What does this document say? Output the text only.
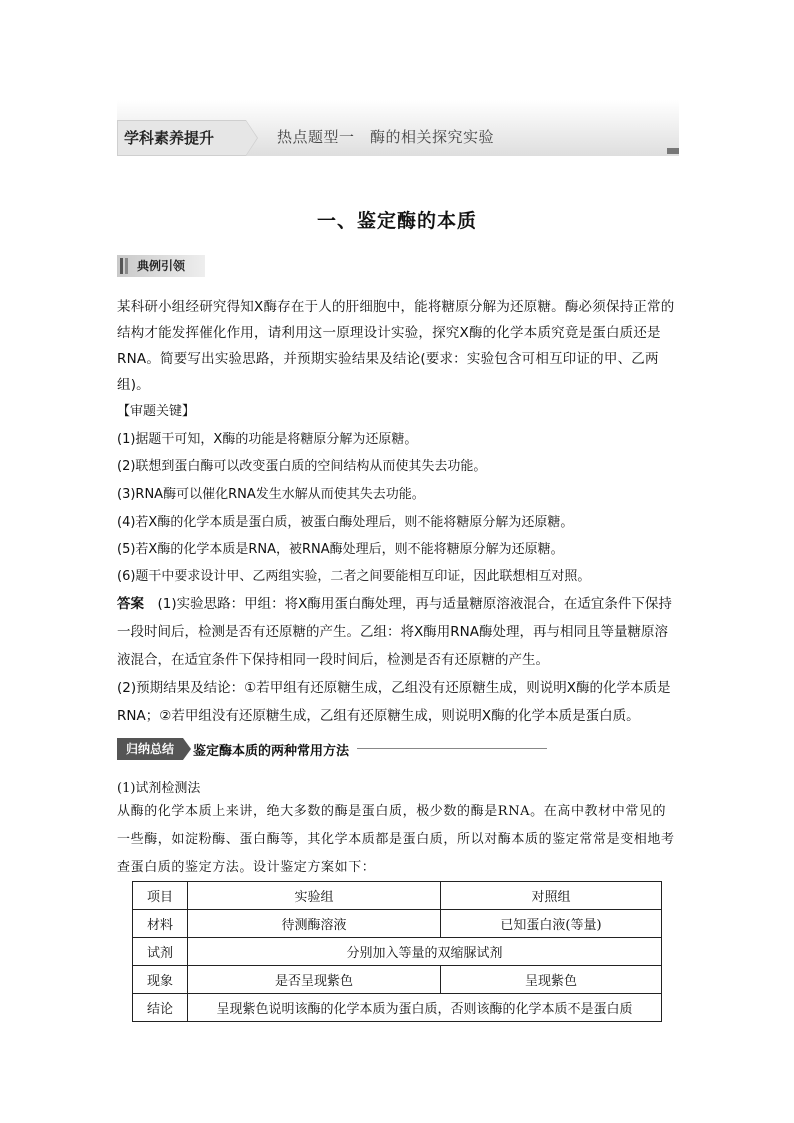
学科素养提升	热点题型一　酶的相关探究实验
一、鉴定酶的本质
典例引领
某科研小组经研究得知X酶存在于人的肝细胞中，能将糖原分解为还原糖。酶必须保持正常的结构才能发挥催化作用，请利用这一原理设计实验，探究X酶的化学本质究竟是蛋白质还是RNA。简要写出实验思路，并预期实验结果及结论(要求：实验包含可相互印证的甲、乙两组)。
【审题关键】
(1)据题干可知，X酶的功能是将糖原分解为还原糖。
(2)联想到蛋白酶可以改变蛋白质的空间结构从而使其失去功能。
(3)RNA酶可以催化RNA发生水解从而使其失去功能。
(4)若X酶的化学本质是蛋白质，被蛋白酶处理后，则不能将糖原分解为还原糖。
(5)若X酶的化学本质是RNA，被RNA酶处理后，则不能将糖原分解为还原糖。
(6)题干中要求设计甲、乙两组实验，二者之间要能相互印证，因此联想相互对照。
答案　 (1)实验思路：甲组：将X酶用蛋白酶处理，再与适量糖原溶液混合，在适宜条件下保持一段时间后，检测是否有还原糖的产生。乙组：将X酶用RNA酶处理，再与相同且等量糖原溶液混合，在适宜条件下保持相同一段时间后，检测是否有还原糖的产生。
(2)预期结果及结论：①若甲组有还原糖生成，乙组没有还原糖生成，则说明X酶的化学本质是RNA；②若甲组没有还原糖生成，乙组有还原糖生成，则说明X酶的化学本质是蛋白质。
归纳总结	鉴定酶本质的两种常用方法
(1)试剂检测法
从酶的化学本质上来讲，绝大多数的酶是蛋白质，极少数的酶是RNA。在高中教材中常见的一些酶，如淀粉酶、蛋白酶等，其化学本质都是蛋白质，所以对酶本质的鉴定常常是变相地考查蛋白质的鉴定方法。设计鉴定方案如下：
项目	实验组	对照组
材料	待测酶溶液	已知蛋白液(等量)
试剂	分别加入等量的双缩脲试剂	
现象	是否呈现紫色	呈现紫色
结论	呈现紫色说明该酶的化学本质为蛋白质，否则该酶的化学本质不是蛋白质	
